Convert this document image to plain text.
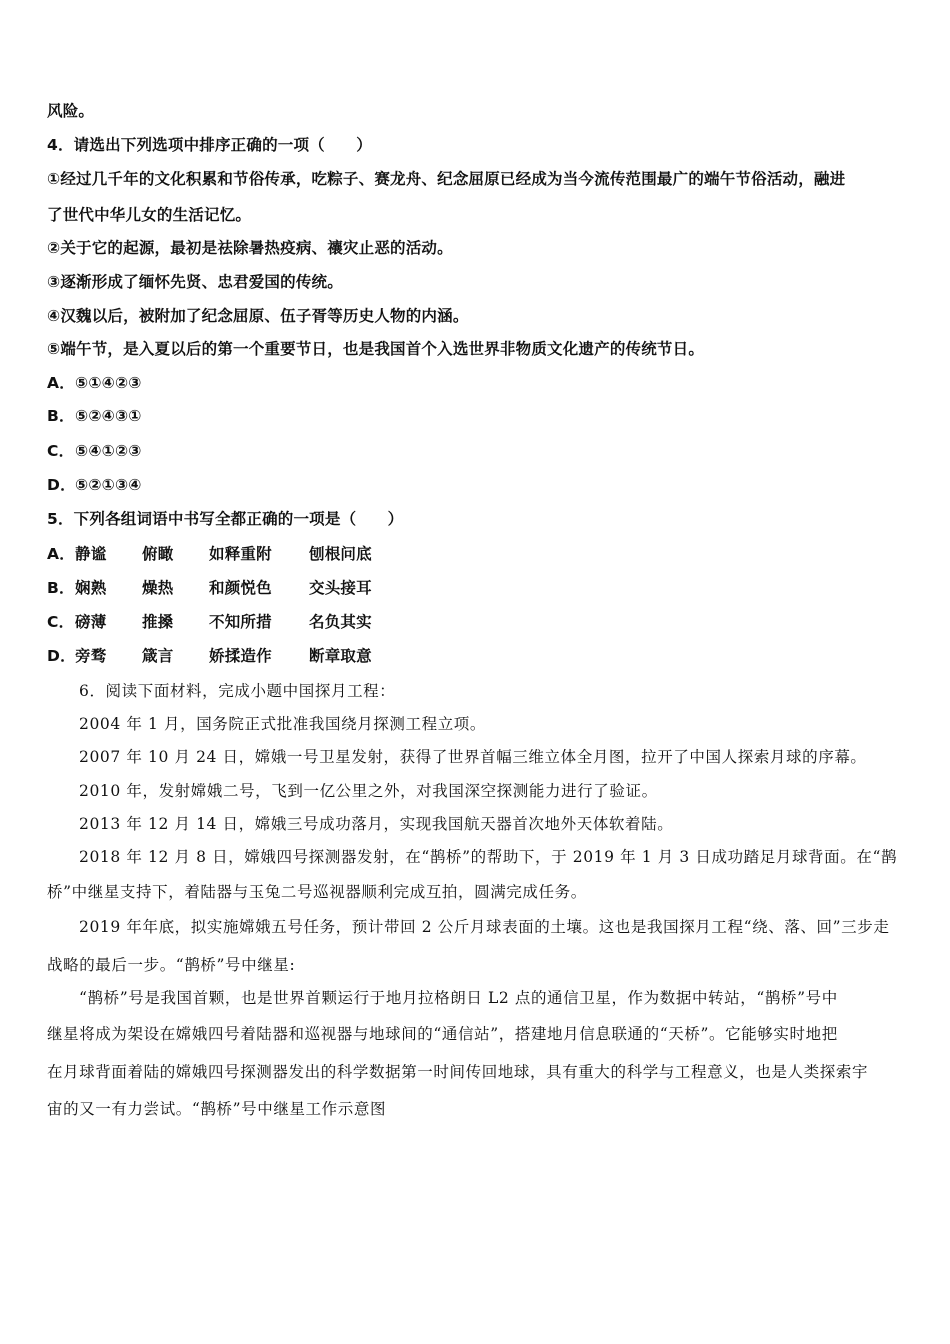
风险。
4．请选出下列选项中排序正确的一项（　　）
①经过几千年的文化积累和节俗传承，吃粽子、赛龙舟、纪念屈原已经成为当今流传范围最广的端午节俗活动，融进
了世代中华儿女的生活记忆。
②关于它的起源，最初是祛除暑热疫病、禳灾止恶的活动。
③逐渐形成了缅怀先贤、忠君爱国的传统。
④汉魏以后，被附加了纪念屈原、伍子胥等历史人物的内涵。
⑤端午节，是入夏以后的第一个重要节日，也是我国首个入选世界非物质文化遗产的传统节日。
A．⑤①④②③
B．⑤②④③①
C．⑤④①②③
D．⑤②①③④
5．下列各组词语中书写全都正确的一项是（　　）
A．静谧 俯瞰 如释重附 刨根问底
B．娴熟 燥热 和颜悦色 交头接耳
C．磅薄 推搡 不知所措 名负其实
D．旁骛 箴言 娇揉造作 断章取意
6．阅读下面材料，完成小题中国探月工程：
2004 年 1 月，国务院正式批准我国绕月探测工程立项。
2007 年 10 月 24 日，嫦娥一号卫星发射，获得了世界首幅三维立体全月图，拉开了中国人探索月球的序幕。
2010 年，发射嫦娥二号，飞到一亿公里之外，对我国深空探测能力进行了验证。
2013 年 12 月 14 日，嫦娥三号成功落月，实现我国航天器首次地外天体软着陆。
2018 年 12 月 8 日，嫦娥四号探测器发射，在“鹊桥”的帮助下，于 2019 年 1 月 3 日成功踏足月球背面。在“鹊
桥”中继星支持下，着陆器与玉兔二号巡视器顺利完成互拍，圆满完成任务。
2019 年年底，拟实施嫦娥五号任务，预计带回 2 公斤月球表面的土壤。这也是我国探月工程“绕、落、回”三步走
战略的最后一步。“鹊桥”号中继星:
“鹊桥”号是我国首颗，也是世界首颗运行于地月拉格朗日 L2 点的通信卫星，作为数据中转站，“鹊桥”号中
继星将成为架设在嫦娥四号着陆器和巡视器与地球间的“通信站”，搭建地月信息联通的“天桥”。它能够实时地把
在月球背面着陆的嫦娥四号探测器发出的科学数据第一时间传回地球，具有重大的科学与工程意义，也是人类探索宇
宙的又一有力尝试。“鹊桥”号中继星工作示意图
